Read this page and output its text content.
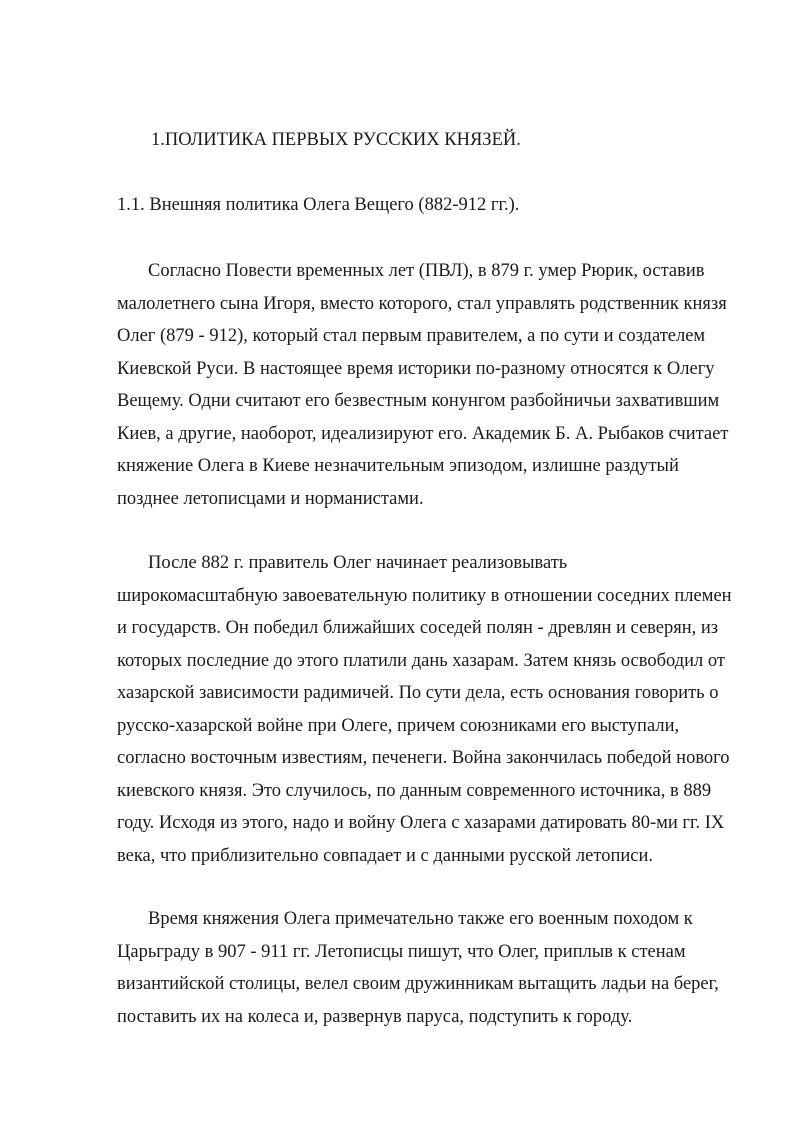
1.ПОЛИТИКА ПЕРВЫХ РУССКИХ КНЯЗЕЙ.
1.1. Внешняя политика Олега Вещего (882-912 гг.).

Согласно Повести временных лет (ПВЛ), в 879 г. умер Рюрик, оставив
малолетнего сына Игоря, вместо которого, стал управлять родственник князя
Олег (879 - 912), который стал первым правителем, а по сути и создателем
Киевской Руси. В настоящее время историки по-разному относятся к Олегу
Вещему. Одни считают его безвестным конунгом разбойничьи захватившим
Киев, а другие, наоборот, идеализируют его. Академик Б. А. Рыбаков считает
княжение Олега в Киеве незначительным эпизодом, излишне раздутый
позднее летописцами и норманистами.

После 882 г. правитель Олег начинает реализовывать
широкомасштабную завоевательную политику в отношении соседних племен
и государств. Он победил ближайших соседей полян - древлян и северян, из
которых последние до этого платили дань хазарам. Затем князь освободил от
хазарской зависимости радимичей. По сути дела, есть основания говорить о
русско-хазарской войне при Олеге, причем союзниками его выступали,
согласно восточным известиям, печенеги. Война закончилась победой нового
киевского князя. Это случилось, по данным современного источника, в 889
году. Исходя из этого, надо и войну Олега с хазарами датировать 80-ми гг. IX
века, что приблизительно совпадает и с данными русской летописи.

Время княжения Олега примечательно также его военным походом к
Царьграду в 907 - 911 гг. Летописцы пишут, что Олег, приплыв к стенам
византийской столицы, велел своим дружинникам вытащить ладьи на берег,
поставить их на колеса и, развернув паруса, подступить к городу.
